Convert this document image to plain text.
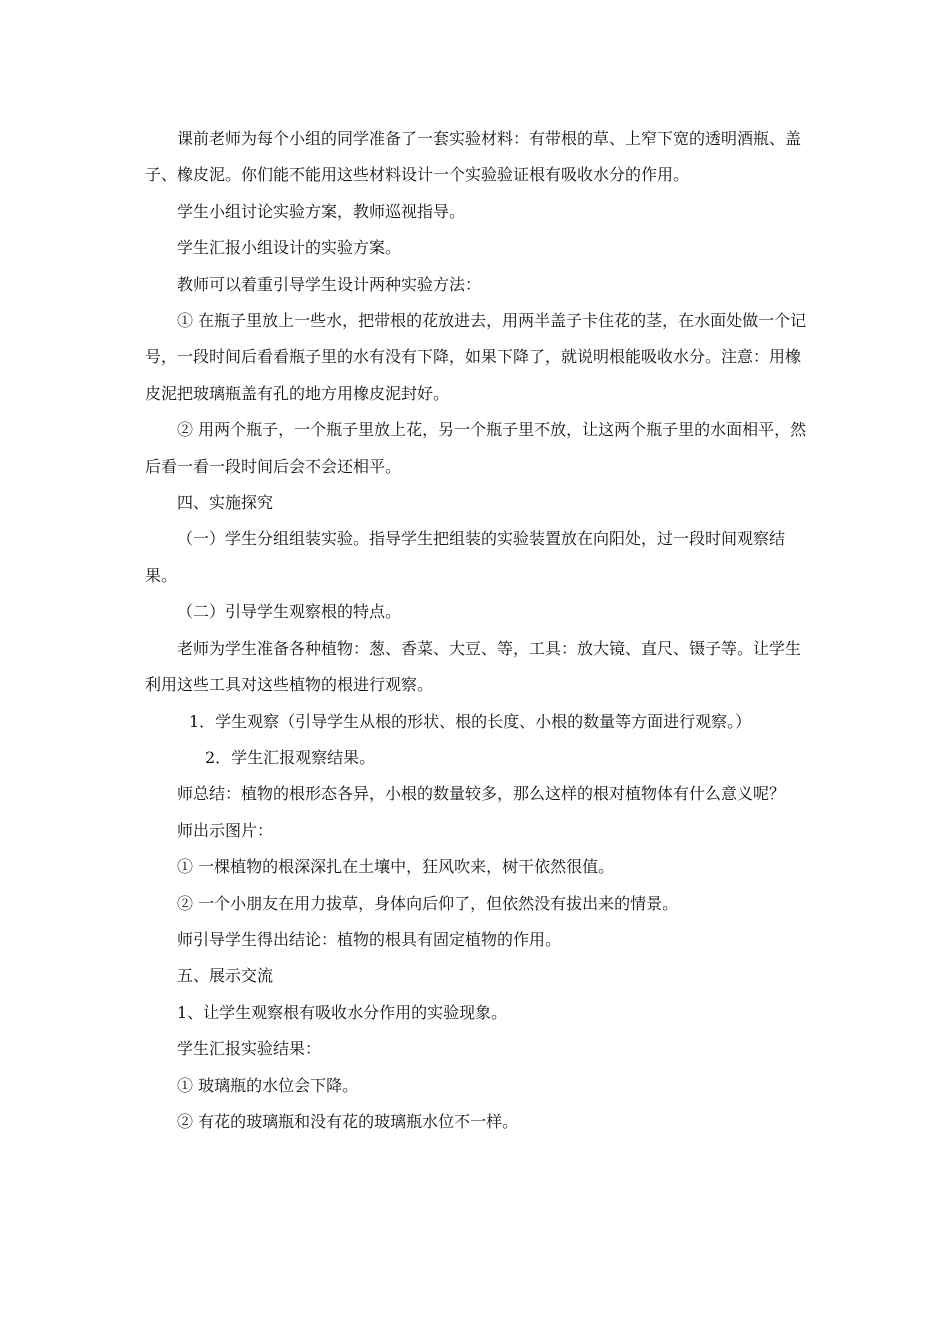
课前老师为每个小组的同学准备了一套实验材料：有带根的草、上窄下宽的透明酒瓶、盖子、橡皮泥。你们能不能用这些材料设计一个实验验证根有吸收水分的作用。

学生小组讨论实验方案，教师巡视指导。

学生汇报小组设计的实验方案。

教师可以着重引导学生设计两种实验方法：

① 在瓶子里放上一些水，把带根的花放进去，用两半盖子卡住花的茎，在水面处做一个记号，一段时间后看看瓶子里的水有没有下降，如果下降了，就说明根能吸收水分。注意：用橡皮泥把玻璃瓶盖有孔的地方用橡皮泥封好。

② 用两个瓶子，一个瓶子里放上花，另一个瓶子里不放，让这两个瓶子里的水面相平，然后看一看一段时间后会不会还相平。

四、实施探究

（一）学生分组组装实验。指导学生把组装的实验装置放在向阳处，过一段时间观察结果。

（二）引导学生观察根的特点。

老师为学生准备各种植物：葱、香菜、大豆、等，工具：放大镜、直尺、镊子等。让学生利用这些工具对这些植物的根进行观察。

1．学生观察（引导学生从根的形状、根的长度、小根的数量等方面进行观察。）

2．学生汇报观察结果。

师总结：植物的根形态各异，小根的数量较多，那么这样的根对植物体有什么意义呢？

师出示图片：

① 一棵植物的根深深扎在土壤中，狂风吹来，树干依然很值。

② 一个小朋友在用力拔草，身体向后仰了，但依然没有拔出来的情景。

师引导学生得出结论：植物的根具有固定植物的作用。

五、展示交流

1、让学生观察根有吸收水分作用的实验现象。

学生汇报实验结果：

① 玻璃瓶的水位会下降。

② 有花的玻璃瓶和没有花的玻璃瓶水位不一样。
